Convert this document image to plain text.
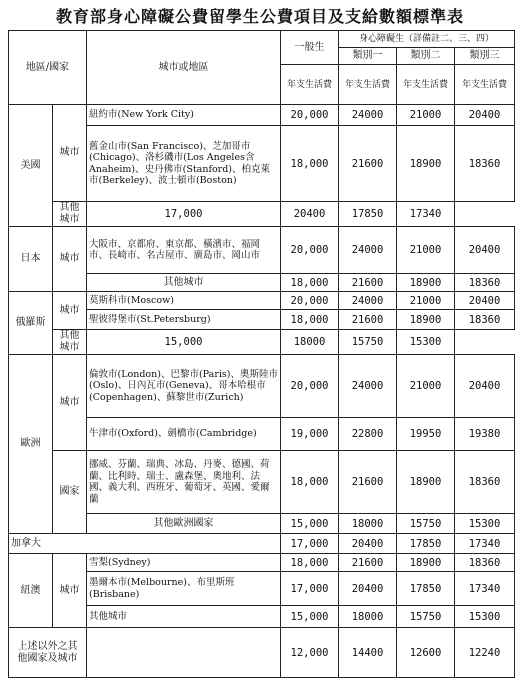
教育部身心障礙公費留學生公費項目及支給數額標準表
地區/國家		城市或地區	一般生	身心障礙生（詳備註二、三、四）		
				類別一	類別二	類別三
			年支生活費	年支生活費	年支生活費	年支生活費
美國	城市	紐約市(New York City)	20,000	24000	21000	20400
		舊金山市(San Francisco)、芝加哥市(Chicago)、洛杉磯市(Los Angeles含Anaheim)、史丹佛市(Stanford)、柏克萊市(Berkeley)、波士頓市(Boston)	18,000	21600	18900	18360
	其他城市	17,000	20400	17850	17340	
日本	城市	大阪市、京都府、東京都、橫濱市、福岡市、長崎市、名古屋市、廣島市、岡山市	20,000	24000	21000	20400
		其他城市	18,000	21600	18900	18360
俄羅斯	城市	莫斯科市(Moscow)	20,000	24000	21000	20400
		聖彼得堡市(St.Petersburg)	18,000	21600	18900	18360
	其他城市	15,000	18000	15750	15300	
歐洲	城市	倫敦市(London)、巴黎市(Paris)、奧斯陸市(Oslo)、日內瓦市(Geneva)、哥本哈根市(Copenhagen)、蘇黎世市(Zurich)	20,000	24000	21000	20400
		牛津市(Oxford)、劍橋市(Cambridge)	19,000	22800	19950	19380
	國家	挪威、芬蘭、瑞典、冰島、丹麥、德國、荷蘭、比利時、瑞士、盧森堡、奧地利、法國、義大利、西班牙、葡萄牙、英國、愛爾蘭	18,000	21600	18900	18360
		其他歐洲國家	15,000	18000	15750	15300
加拿大			17,000	20400	17850	17340
紐澳	城市	雪梨(Sydney)	18,000	21600	18900	18360
		墨爾本市(Melbourne)、布里斯班(Brisbane)	17,000	20400	17850	17340
		其他城市	15,000	18000	15750	15300
上述以外之其他國家及城市			12,000	14400	12600	12240
